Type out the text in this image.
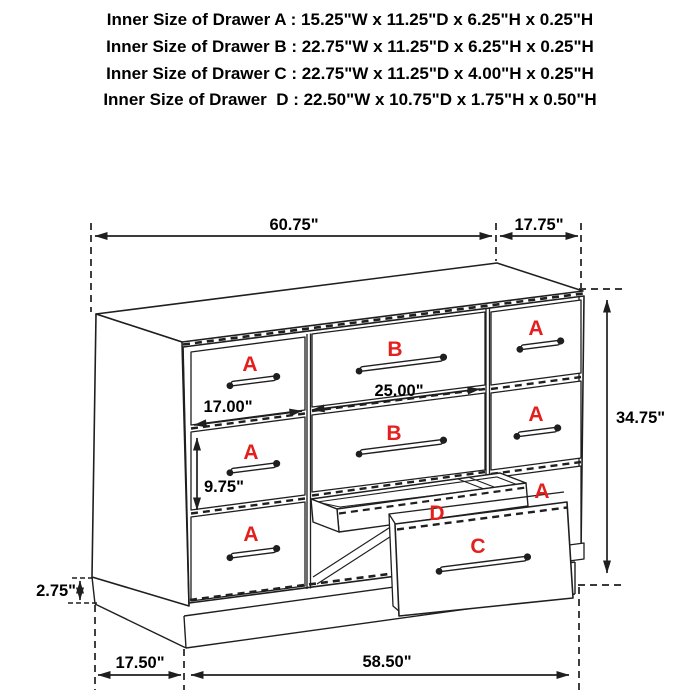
Inner Size of Drawer A : 15.25"W x 11.25"D x 6.25"H x 0.25"H
Inner Size of Drawer B : 22.75"W x 11.25"D x 6.25"H x 0.25"H
Inner Size of Drawer C : 22.75"W x 11.25"D x 4.00"H x 0.25"H
Inner Size of Drawer  D : 22.50"W x 10.75"D x 1.75"H x 0.50"H
60.75"	17.75"
34.75"
17.00"
25.00"
9.75"
2.75"
17.50"	58.50"
A
A
A
B
B
A
A
A
D
C
